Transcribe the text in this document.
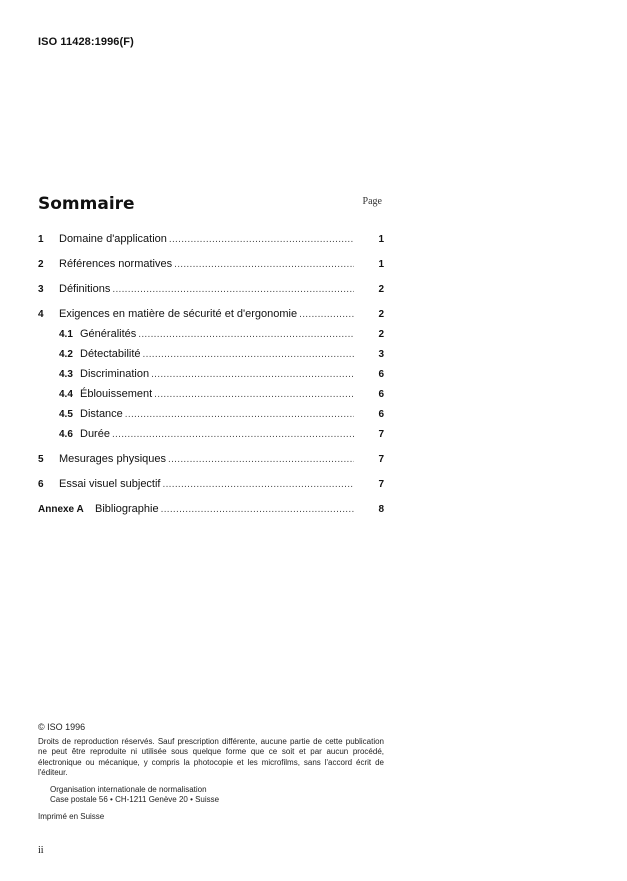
ISO 11428:1996(F)
Sommaire	Page
1	Domaine d'application .....	1
2	Références normatives .....	1
3	Définitions .....	2
4	Exigences en matière de sécurité et d'ergonomie .....	2
4.1 Généralités .....	2
4.2 Détectabilité .....	3
4.3 Discrimination .....	6
4.4 Éblouissement .....	6
4.5 Distance .....	6
4.6 Durée .....	7
5	Mesurages physiques .....	7
6	Essai visuel subjectif .....	7
Annexe A	Bibliographie .....	8
© ISO 1996
Droits de reproduction réservés. Sauf prescription différente, aucune partie de cette publication ne peut être reproduite ni utilisée sous quelque forme que ce soit et par aucun procédé, électronique ou mécanique, y compris la photocopie et les microfilms, sans l'accord écrit de l'éditeur.
Organisation internationale de normalisation
Case postale 56 • CH-1211 Genève 20 • Suisse
Imprimé en Suisse
ii
